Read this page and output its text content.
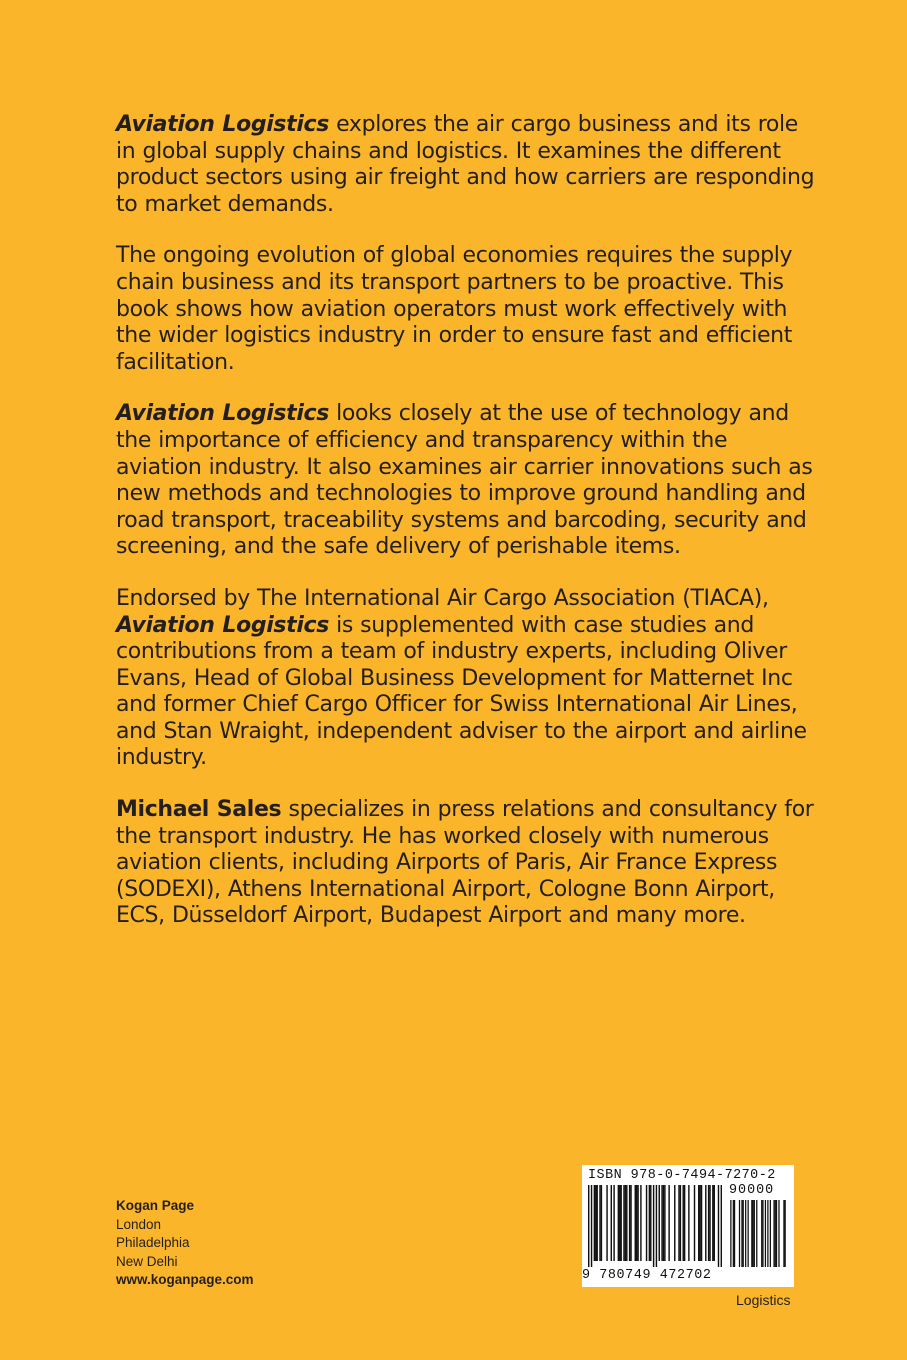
Aviation Logistics explores the air cargo business and its role in global supply chains and logistics. It examines the different product sectors using air freight and how carriers are responding to market demands.

The ongoing evolution of global economies requires the supply chain business and its transport partners to be proactive. This book shows how aviation operators must work effectively with the wider logistics industry in order to ensure fast and efficient facilitation.

Aviation Logistics looks closely at the use of technology and the importance of efficiency and transparency within the aviation industry. It also examines air carrier innovations such as new methods and technologies to improve ground handling and road transport, traceability systems and barcoding, security and screening, and the safe delivery of perishable items.

Endorsed by The International Air Cargo Association (TIACA), Aviation Logistics is supplemented with case studies and contributions from a team of industry experts, including Oliver Evans, Head of Global Business Development for Matternet Inc and former Chief Cargo Officer for Swiss International Air Lines, and Stan Wraight, independent adviser to the airport and airline industry.

Michael Sales specializes in press relations and consultancy for the transport industry. He has worked closely with numerous aviation clients, including Airports of Paris, Air France Express (SODEXI), Athens International Airport, Cologne Bonn Airport, ECS, Düsseldorf Airport, Budapest Airport and many more.

Kogan Page
London
Philadelphia
New Delhi
www.koganpage.com
ISBN 978-0-7494-7270-2
90000
9 780749 472702
Logistics
